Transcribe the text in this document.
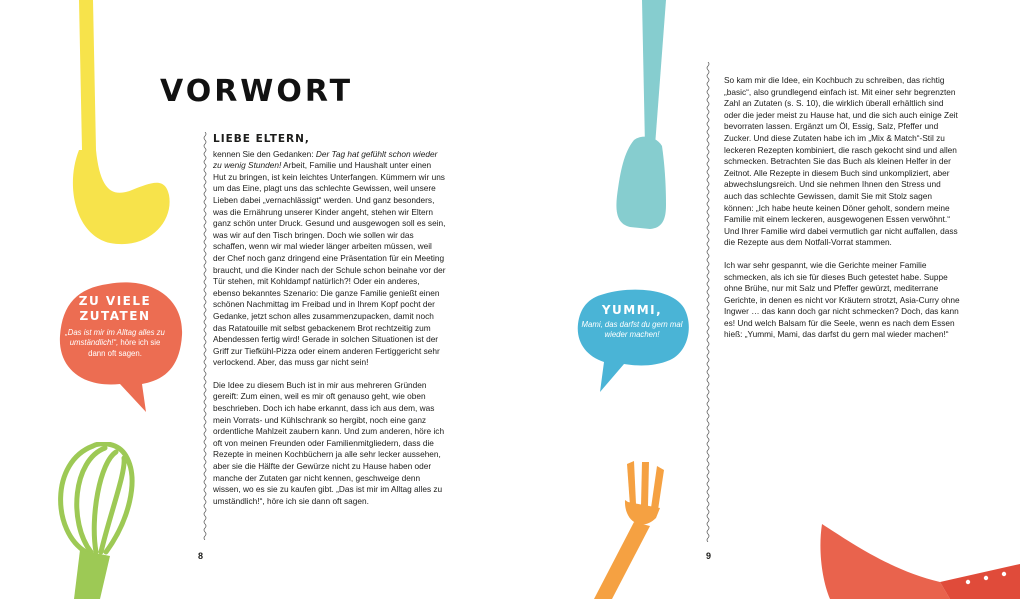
ZU VIELE
ZUTATEN
„Das ist mir im Alltag alles zu umständlich!“, höre ich sie dann oft sagen.
VORWORT
LIEBE ELTERN,

kennen Sie den Gedanken: Der Tag hat gefühlt schon wieder zu wenig Stunden! Arbeit, Familie und Haushalt unter einen Hut zu bringen, ist kein leichtes Unterfangen. Kümmern wir uns um das Eine, plagt uns das schlechte Gewissen, weil unsere Lieben dabei „vernachlässigt“ werden. Und ganz besonders, was die Ernährung unserer Kinder angeht, stehen wir Eltern ganz schön unter Druck. Gesund und ausgewogen soll es sein, was wir auf den Tisch bringen. Doch wie sollen wir das schaffen, wenn wir mal wieder länger arbeiten müssen, weil der Chef noch ganz dringend eine Präsentation für ein Meeting braucht, und die Kinder nach der Schule schon beinahe vor der Tür stehen, mit Kohldampf natürlich?! Oder ein anderes, ebenso bekanntes Szenario: Die ganze Familie genießt einen schönen Nachmittag im Freibad und in Ihrem Kopf pocht der Gedanke, jetzt schon alles zusammenzupacken, damit noch das Ratatouille mit selbst gebackenem Brot rechtzeitig zum Abendessen fertig wird! Gerade in solchen Situationen ist der Griff zur Tiefkühl-Pizza oder einem anderen Fertiggericht sehr verlockend. Aber, das muss gar nicht sein!

Die Idee zu diesem Buch ist in mir aus mehreren Gründen gereift: Zum einen, weil es mir oft genauso geht, wie oben beschrieben. Doch ich habe erkannt, dass ich aus dem, was mein Vorrats- und Kühlschrank so hergibt, noch eine ganz ordentliche Mahlzeit zaubern kann. Und zum anderen, höre ich oft von meinen Freunden oder Familienmitgliedern, dass die Rezepte in meinen Kochbüchern ja alle sehr lecker aussehen, aber sie die Hälfte der Gewürze nicht zu Hause haben oder manche der Zutaten gar nicht kennen, geschweige denn wissen, wo es sie zu kaufen gibt. „Das ist mir im Alltag alles zu umständlich!“, höre ich sie dann oft sagen.

8
YUMMI,
Mami, das darfst du gern mal wieder machen!

So kam mir die Idee, ein Kochbuch zu schreiben, das richtig „basic“, also grundlegend einfach ist. Mit einer sehr begrenzten Zahl an Zutaten (s. S. 10), die wirklich überall erhältlich sind oder die jeder meist zu Hause hat, und die sich auch einige Zeit bevorraten lassen. Ergänzt um Öl, Essig, Salz, Pfeffer und Zucker. Und diese Zutaten habe ich im „Mix & Match“-Stil zu leckeren Rezepten kombiniert, die rasch gekocht sind und allen schmecken. Betrachten Sie das Buch als kleinen Helfer in der Zeitnot. Alle Rezepte in diesem Buch sind unkompliziert, aber abwechslungsreich. Und sie nehmen Ihnen den Stress und auch das schlechte Gewissen, damit Sie mit Stolz sagen können: „Ich habe heute keinen Döner geholt, sondern meine Familie mit einem leckeren, ausgewogenen Essen verwöhnt.“ Und Ihrer Familie wird dabei vermutlich gar nicht auffallen, dass die Rezepte aus dem Notfall-Vorrat stammen.

Ich war sehr gespannt, wie die Gerichte meiner Familie schmecken, als ich sie für dieses Buch getestet habe. Suppe ohne Brühe, nur mit Salz und Pfeffer gewürzt, mediterrane Gerichte, in denen es nicht vor Kräutern strotzt, Asia-Curry ohne Ingwer … das kann doch gar nicht schmecken? Doch, das kann es! Und welch Balsam für die Seele, wenn es nach dem Essen hieß: „Yummi, Mami, das darfst du gern mal wieder machen!“

9
